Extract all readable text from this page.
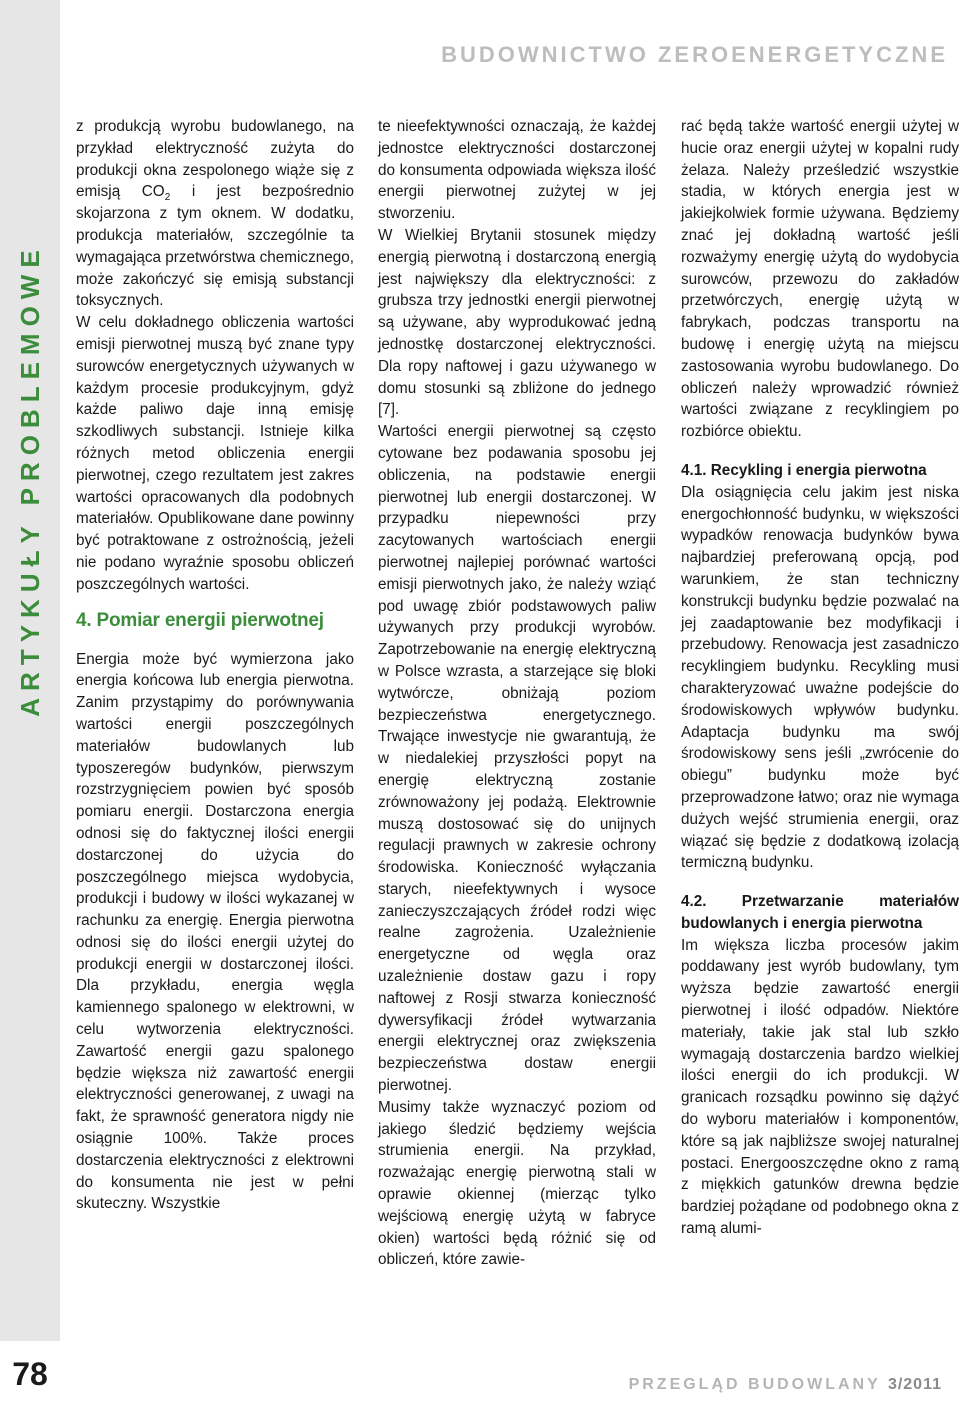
ARTYKUŁY PROBLEMOWE
78
BUDOWNICTWO ZEROENERGETYCZNE

z produkcją wyrobu budowlanego, na przykład elektryczność zużyta do produkcji okna zespolonego wiąże się z emisją $CO_2$ i jest bezpośrednio skojarzona z tym oknem. W dodatku, produkcja materiałów, szczególnie ta wymagająca przetwórstwa chemicznego, może zakończyć się emisją substancji toksycznych.

W celu dokładnego obliczenia wartości emisji pierwotnej muszą być znane typy surowców energetycznych używanych w każdym procesie produkcyjnym, gdyż każde paliwo daje inną emisję szkodliwych substancji. Istnieje kilka różnych metod obliczenia energii pierwotnej, czego rezultatem jest zakres wartości opracowanych dla podobnych materiałów. Opublikowane dane powinny być potraktowane z ostrożnością, jeżeli nie podano wyraźnie sposobu obliczeń poszczególnych wartości.

4. Pomiar energii pierwotnej

Energia może być wymierzona jako energia końcowa lub energia pierwotna. Zanim przystąpimy do porównywania wartości energii poszczególnych materiałów budowlanych lub typoszeregów budynków, pierwszym rozstrzygnięciem powien być sposób pomiaru energii. Dostarczona energia odnosi się do faktycznej ilości energii dostarczonej do użycia do poszczególnego miejsca wydobycia, produkcji i budowy w ilości wykazanej w rachunku za energię. Energia pierwotna odnosi się do ilości energii użytej do produkcji energii w dostarczonej ilości. Dla przykładu, energia węgla kamiennego spalonego w elektrowni, w celu wytworzenia elektryczności. Zawartość energii gazu spalonego będzie większa niż zawartość energii elektryczności generowanej, z uwagi na fakt, że sprawność generatora nigdy nie osiągnie 100%. Także proces dostarczenia elektryczności z elektrowni do konsumenta nie jest w pełni skuteczny. Wszystkie

te nieefektywności oznaczają, że każdej jednostce elektryczności dostarczonej do konsumenta odpowiada większa ilość energii pierwotnej zużytej w jej stworzeniu.

W Wielkiej Brytanii stosunek między energią pierwotną i dostarczoną energią jest największy dla elektryczności: z grubsza trzy jednostki energii pierwotnej są używane, aby wyprodukować jedną jednostkę dostarczonej elektryczności. Dla ropy naftowej i gazu używanego w domu stosunki są zbliżone do jednego [7].

Wartości energii pierwotnej są często cytowane bez podawania sposobu jej obliczenia, na podstawie energii pierwotnej lub energii dostarczonej. W przypadku niepewności przy zacytowanych wartościach energii pierwotnej najlepiej porównać wartości emisji pierwotnych jako, że należy wziąć pod uwagę zbiór podstawowych paliw używanych przy produkcji wyrobów. Zapotrzebowanie na energię elektryczną w Polsce wzrasta, a starzejące się bloki wytwórcze, obniżają poziom bezpieczeństwa energetycznego. Trwające inwestycje nie gwarantują, że w niedalekiej przyszłości popyt na energię elektryczną zostanie zrównoważony jej podażą. Elektrownie muszą dostosować się do unijnych regulacji prawnych w zakresie ochrony środowiska. Konieczność wyłączania starych, nieefektywnych i wysoce zanieczyszczających źródeł rodzi więc realne zagrożenia. Uzależnienie energetyczne od węgla oraz uzależnienie dostaw gazu i ropy naftowej z Rosji stwarza konieczność dywersyfikacji źródeł wytwarzania energii elektrycznej oraz zwiększenia bezpieczeństwa dostaw energii pierwotnej.

Musimy także wyznaczyć poziom od jakiego śledzić będziemy wejścia strumienia energii. Na przykład, rozważając energię pierwotną stali w oprawie okiennej (mierząc tylko wejściową energię użytą w fabryce okien) wartości będą różnić się od obliczeń, które zawie-

rać będą także wartość energii użytej w hucie oraz energii użytej w kopalni rudy żelaza. Należy prześledzić wszystkie stadia, w których energia jest w jakiejkolwiek formie używana. Będziemy znać jej dokładną wartość jeśli rozważymy energię użytą do wydobycia surowców, przewozu do zakładów przetwórczych, energię użytą w fabrykach, podczas transportu na budowę i energię użytą na miejscu zastosowania wyrobu budowlanego. Do obliczeń należy wprowadzić również wartości związane z recyklingiem po rozbiórce obiektu.

4.1. Recykling i energia pierwotna

Dla osiągnięcia celu jakim jest niska energochłonność budynku, w większości wypadków renowacja budynków bywa najbardziej preferowaną opcją, pod warunkiem, że stan techniczny konstrukcji budynku będzie pozwalać na jej zaadaptowanie bez modyfikacji i przebudowy. Renowacja jest zasadniczo recyklingiem budynku. Recykling musi charakteryzować uważne podejście do środowiskowych wpływów budynku. Adaptacja budynku ma swój środowiskowy sens jeśli „zwrócenie do obiegu” budynku może być przeprowadzone łatwo; oraz nie wymaga dużych wejść strumienia energii, oraz wiązać się będzie z dodatkową izolacją termiczną budynku.

4.2. Przetwarzanie materiałów budowlanych i energia pierwotna

Im większa liczba procesów jakim poddawany jest wyrób budowlany, tym wyższa będzie zawartość energii pierwotnej i ilość odpadów. Niektóre materiały, takie jak stal lub szkło wymagają dostarczenia bardzo wielkiej ilości energii do ich produkcji. W granicach rozsądku powinno się dążyć do wyboru materiałów i komponentów, które są jak najbliższe swojej naturalnej postaci. Energooszczędne okno z ramą z miękkich gatunków drewna będzie bardziej pożądane od podobnego okna z ramą alumi-

PRZEGLĄD BUDOWLANY 3/2011
